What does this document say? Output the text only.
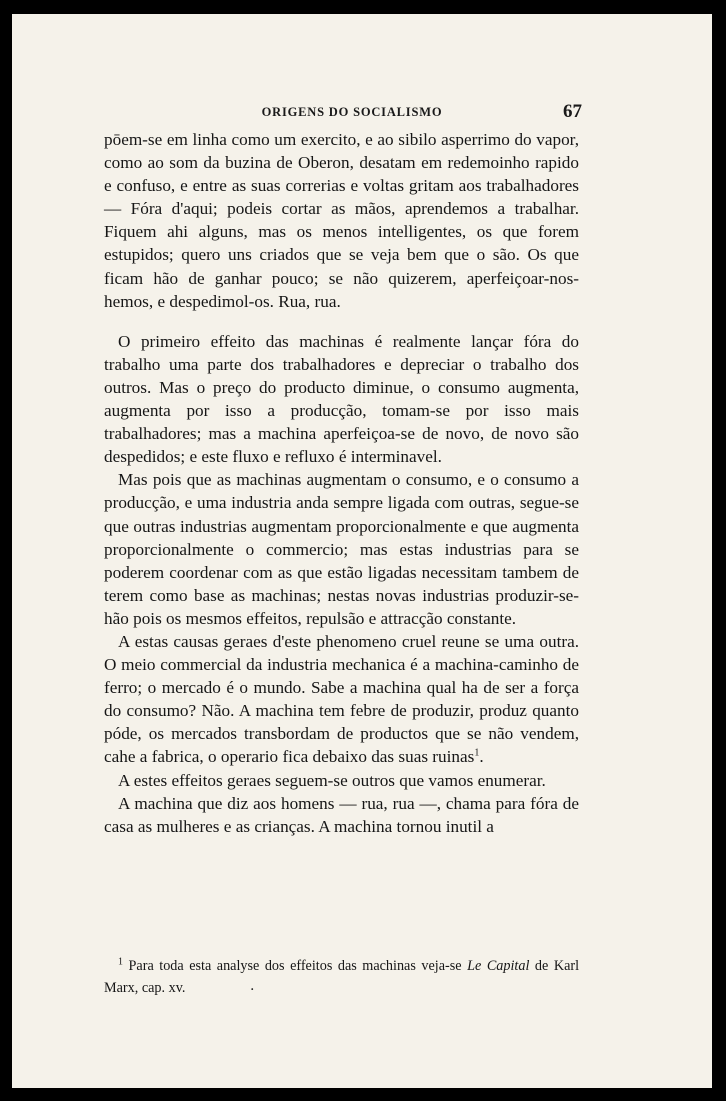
ORIGENS DO SOCIALISMO	67

pōem-se em linha como um exercito, e ao sibilo asperrimo do vapor, como ao som da buzina de Oberon, desatam em redemoinho rapido e confuso, e entre as suas correrias e voltas gritam aos trabalhadores — Fóra d'aqui; podeis cortar as mãos, aprendemos a trabalhar. Fiquem ahi alguns, mas os menos intelligentes, os que forem estupidos; quero uns criados que se veja bem que o são. Os que ficam hão de ganhar pouco; se não quizerem, aperfeiçoar-nos-hemos, e despedimol-os. Rua, rua.

O primeiro effeito das machinas é realmente lançar fóra do trabalho uma parte dos trabalhadores e depreciar o trabalho dos outros. Mas o preço do producto diminue, o consumo augmenta, augmenta por isso a producção, tomam-se por isso mais trabalhadores; mas a machina aperfeiçoa-se de novo, de novo são despedidos; e este fluxo e refluxo é interminavel.

Mas pois que as machinas augmentam o consumo, e o consumo a producção, e uma industria anda sempre ligada com outras, segue-se que outras industrias augmentam proporcionalmente e que augmenta proporcionalmente o commercio; mas estas industrias para se poderem coordenar com as que estão ligadas necessitam tambem de terem como base as machinas; nestas novas industrias produzir-se-hão pois os mesmos effeitos, repulsão e attracção constante.

A estas causas geraes d'este phenomeno cruel reune se uma outra. O meio commercial da industria mechanica é a machina-caminho de ferro; o mercado é o mundo. Sabe a machina qual ha de ser a força do consumo? Não. A machina tem febre de produzir, produz quanto póde, os mercados transbordam de productos que se não vendem, cahe a fabrica, o operario fica debaixo das suas ruinas$^1$.

A estes effeitos geraes seguem-se outros que vamos enumerar.

A machina que diz aos homens — rua, rua —, chama para fóra de casa as mulheres e as crianças. A machina tornou inutil a

$^1$ Para toda esta analyse dos effeitos das machinas veja-se Le Capital de Karl Marx, cap. xv.	.
